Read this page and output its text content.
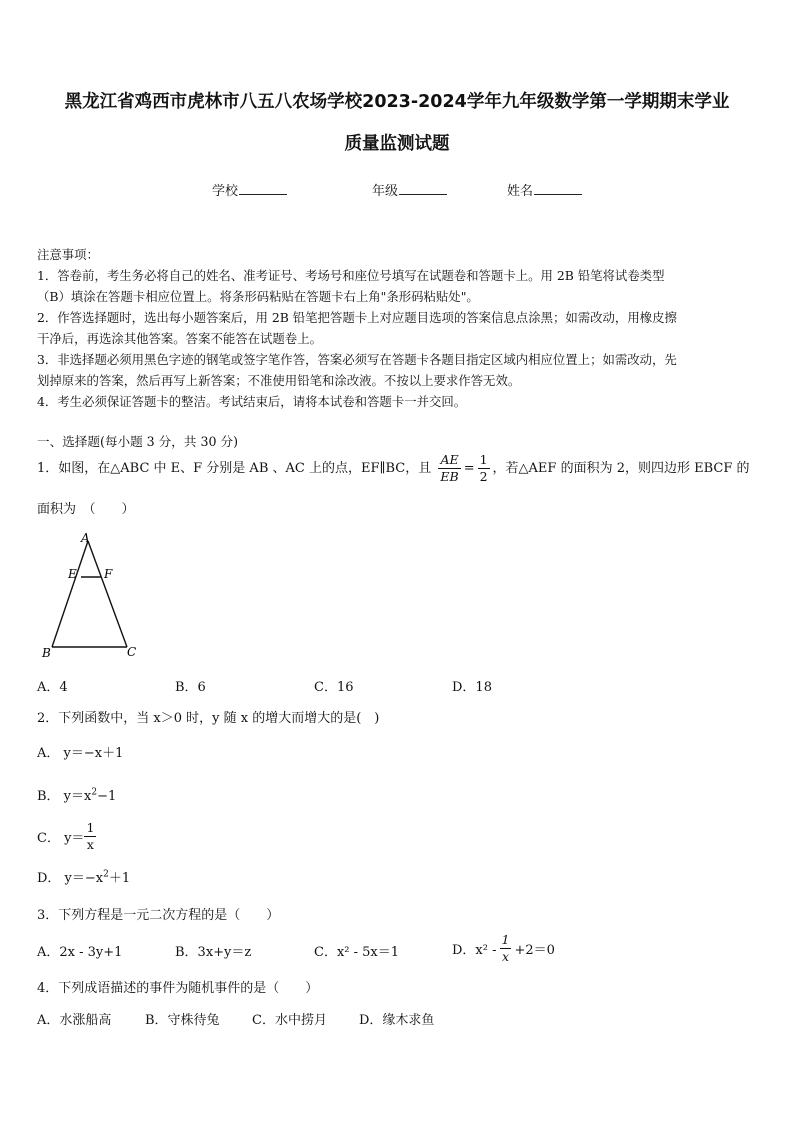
黑龙江省鸡西市虎林市八五八农场学校2023-2024学年九年级数学第一学期期末学业
质量监测试题
学校	年级	姓名
注意事项：
1．答卷前，考生务必将自己的姓名、准考证号、考场号和座位号填写在试题卷和答题卡上。用 2B 铅笔将试卷类型
（B）填涂在答题卡相应位置上。将条形码粘贴在答题卡右上角"条形码粘贴处"。
2．作答选择题时，选出每小题答案后，用 2B 铅笔把答题卡上对应题目选项的答案信息点涂黑；如需改动，用橡皮擦
干净后，再选涂其他答案。答案不能答在试题卷上。
3．非选择题必须用黑色字迹的钢笔或签字笔作答，答案必须写在答题卡各题目指定区域内相应位置上；如需改动，先
划掉原来的答案，然后再写上新答案；不准使用铅笔和涂改液。不按以上要求作答无效。
4．考生必须保证答题卡的整洁。考试结束后，请将本试卷和答题卡一并交回。
一、选择题(每小题 3 分，共 30 分)
1．如图，在△ABC 中 E、F 分别是 AB 、AC 上的点，EF∥BC，且 $\frac{AE}{EB} = \frac{1}{2}$ ，若△AEF 的面积为 2，则四边形 EBCF 的
面积为　（　　）
A
E F
B	C
A．4	B．6	C．16	D．18
2．下列函数中，当 x＞0 时，y 随 x 的增大而增大的是(　)
A． y＝−x＋1
B． $y=x^2-1$
C． $y= \frac{1}{x}$
D． $y=-x^2+1$
3．下列方程是一元二次方程的是（　　）
A．2x - 3y+1	B．3x+y＝z	C．x² - 5x＝1	D．$x^2 - \frac{1}{x} +2=0$
4．下列成语描述的事件为随机事件的是（　　）
A．水涨船高	B．守株待兔 C．水中捞月 D．缘木求鱼
